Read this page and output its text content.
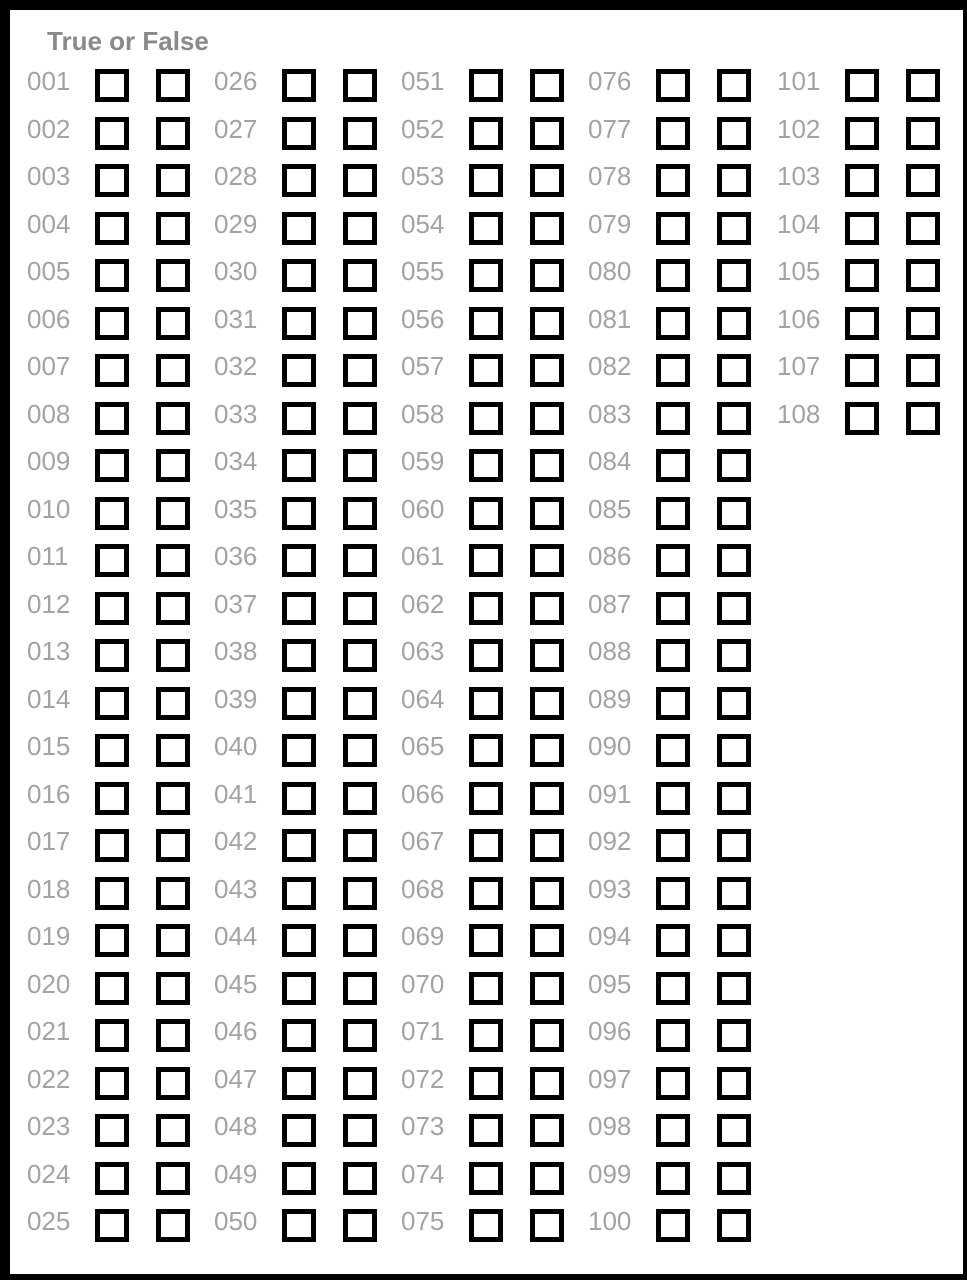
True or False
001
002
003
004
005
006
007
008
009
010
011
012
013
014
015
016
017
018
019
020
021
022
023
024
025
026
027
028
029
030
031
032
033
034
035
036
037
038
039
040
041
042
043
044
045
046
047
048
049
050
051
052
053
054
055
056
057
058
059
060
061
062
063
064
065
066
067
068
069
070
071
072
073
074
075
076
077
078
079
080
081
082
083
084
085
086
087
088
089
090
091
092
093
094
095
096
097
098
099
100
101
102
103
104
105
106
107
108
